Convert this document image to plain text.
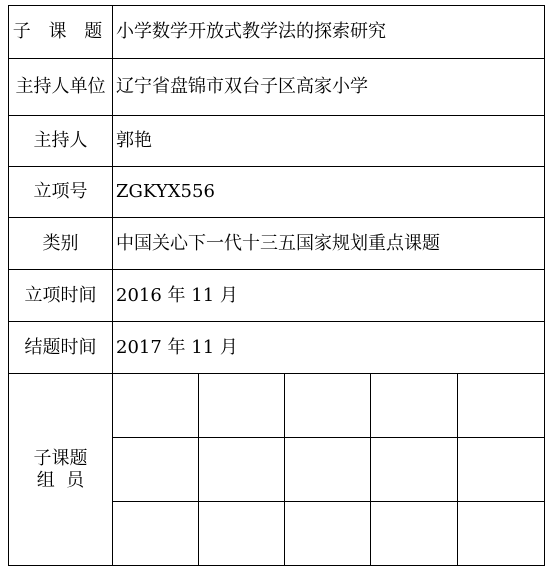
子 课 题	小学数学开放式教学法的探索研究				
主持人单位	辽宁省盘锦市双台子区高家小学				
主持人	郭艳				
立项号	ZGKYX556				
类别	中国关心下一代十三五国家规划重点课题				
立项时间	2016 年 11 月				
结题时间	2017 年 11 月				

子课题
组  员					
